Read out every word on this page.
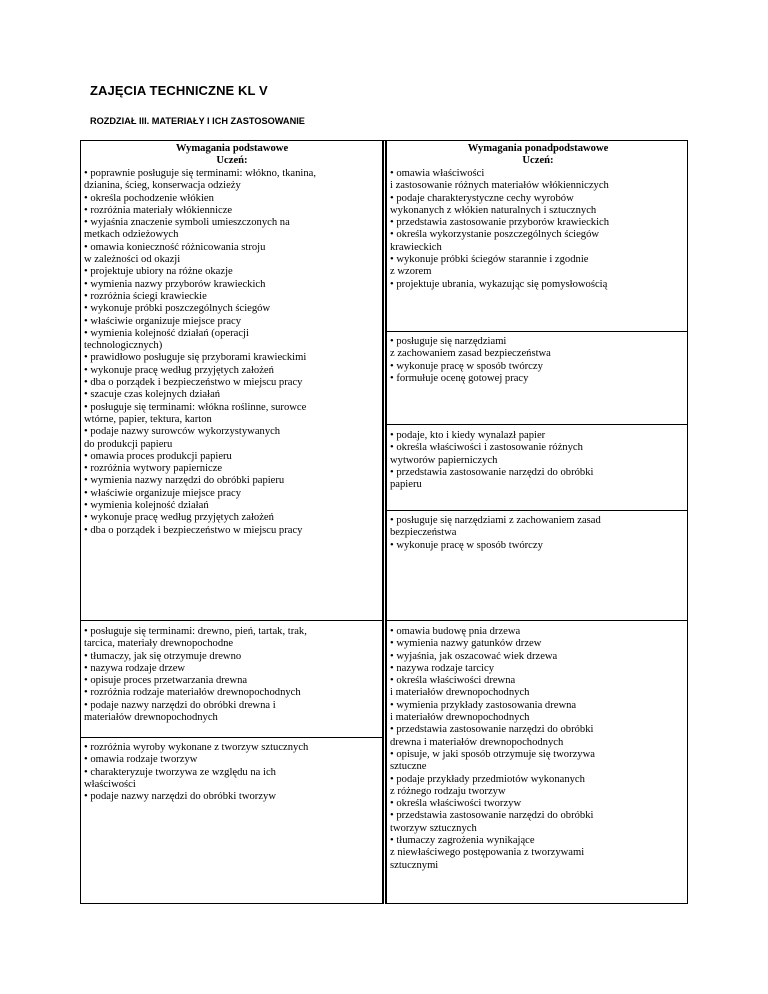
ZAJĘCIA TECHNICZNE KL V
ROZDZIAŁ III. MATERIAŁY I ICH ZASTOSOWANIE
Wymagania podstawowe
Uczeń:
• poprawnie posługuje się terminami: włókno, tkanina,
dzianina, ścieg, konserwacja odzieży
• określa pochodzenie włókien
• rozróżnia materiały włókiennicze
• wyjaśnia znaczenie symboli umieszczonych na
metkach odzieżowych
• omawia konieczność różnicowania stroju
w zależności od okazji
• projektuje ubiory na różne okazje
• wymienia nazwy przyborów krawieckich
• rozróżnia ściegi krawieckie
• wykonuje próbki poszczególnych ściegów
• właściwie organizuje miejsce pracy
• wymienia kolejność działań (operacji
technologicznych)
• prawidłowo posługuje się przyborami krawieckimi
• wykonuje pracę według przyjętych założeń
• dba o porządek i bezpieczeństwo w miejscu pracy
• szacuje czas kolejnych działań
• posługuje się terminami: włókna roślinne, surowce
wtórne, papier, tektura, karton
• podaje nazwy surowców wykorzystywanych
do produkcji papieru
• omawia proces produkcji papieru
• rozróżnia wytwory papiernicze
• wymienia nazwy narzędzi do obróbki papieru
• właściwie organizuje miejsce pracy
• wymienia kolejność działań
• wykonuje pracę według przyjętych założeń
• dba o porządek i bezpieczeństwo w miejscu pracy
• posługuje się terminami: drewno, pień, tartak, trak,
tarcica, materiały drewnopochodne
• tłumaczy, jak się otrzymuje drewno
• nazywa rodzaje drzew
• opisuje proces przetwarzania drewna
• rozróżnia rodzaje materiałów drewnopochodnych
• podaje nazwy narzędzi do obróbki drewna i
materiałów drewnopochodnych
• rozróżnia wyroby wykonane z tworzyw sztucznych
• omawia rodzaje tworzyw
• charakteryzuje tworzywa ze względu na ich
właściwości
• podaje nazwy narzędzi do obróbki tworzyw
Wymagania ponadpodstawowe
Uczeń:
• omawia właściwości
i zastosowanie różnych materiałów włókienniczych
• podaje charakterystyczne cechy wyrobów
wykonanych z włókien naturalnych i sztucznych
• przedstawia zastosowanie przyborów krawieckich
• określa wykorzystanie poszczególnych ściegów
krawieckich
• wykonuje próbki ściegów starannie i zgodnie
z wzorem
• projektuje ubrania, wykazując się pomysłowością
• posługuje się narzędziami
z zachowaniem zasad bezpieczeństwa
• wykonuje pracę w sposób twórczy
• formułuje ocenę gotowej pracy
• podaje, kto i kiedy wynalazł papier
• określa właściwości i zastosowanie różnych
wytworów papierniczych
• przedstawia zastosowanie narzędzi do obróbki
papieru
• posługuje się narzędziami z zachowaniem zasad
bezpieczeństwa
• wykonuje pracę w sposób twórczy
• omawia budowę pnia drzewa
• wymienia nazwy gatunków drzew
• wyjaśnia, jak oszacować wiek drzewa
• nazywa rodzaje tarcicy
• określa właściwości drewna
i materiałów drewnopochodnych
• wymienia przykłady zastosowania drewna
i materiałów drewnopochodnych
• przedstawia zastosowanie narzędzi do obróbki
drewna i materiałów drewnopochodnych
• opisuje, w jaki sposób otrzymuje się tworzywa
sztuczne
• podaje przykłady przedmiotów wykonanych
z różnego rodzaju tworzyw
• określa właściwości tworzyw
• przedstawia zastosowanie narzędzi do obróbki
tworzyw sztucznych
• tłumaczy zagrożenia wynikające
z niewłaściwego postępowania z tworzywami
sztucznymi
